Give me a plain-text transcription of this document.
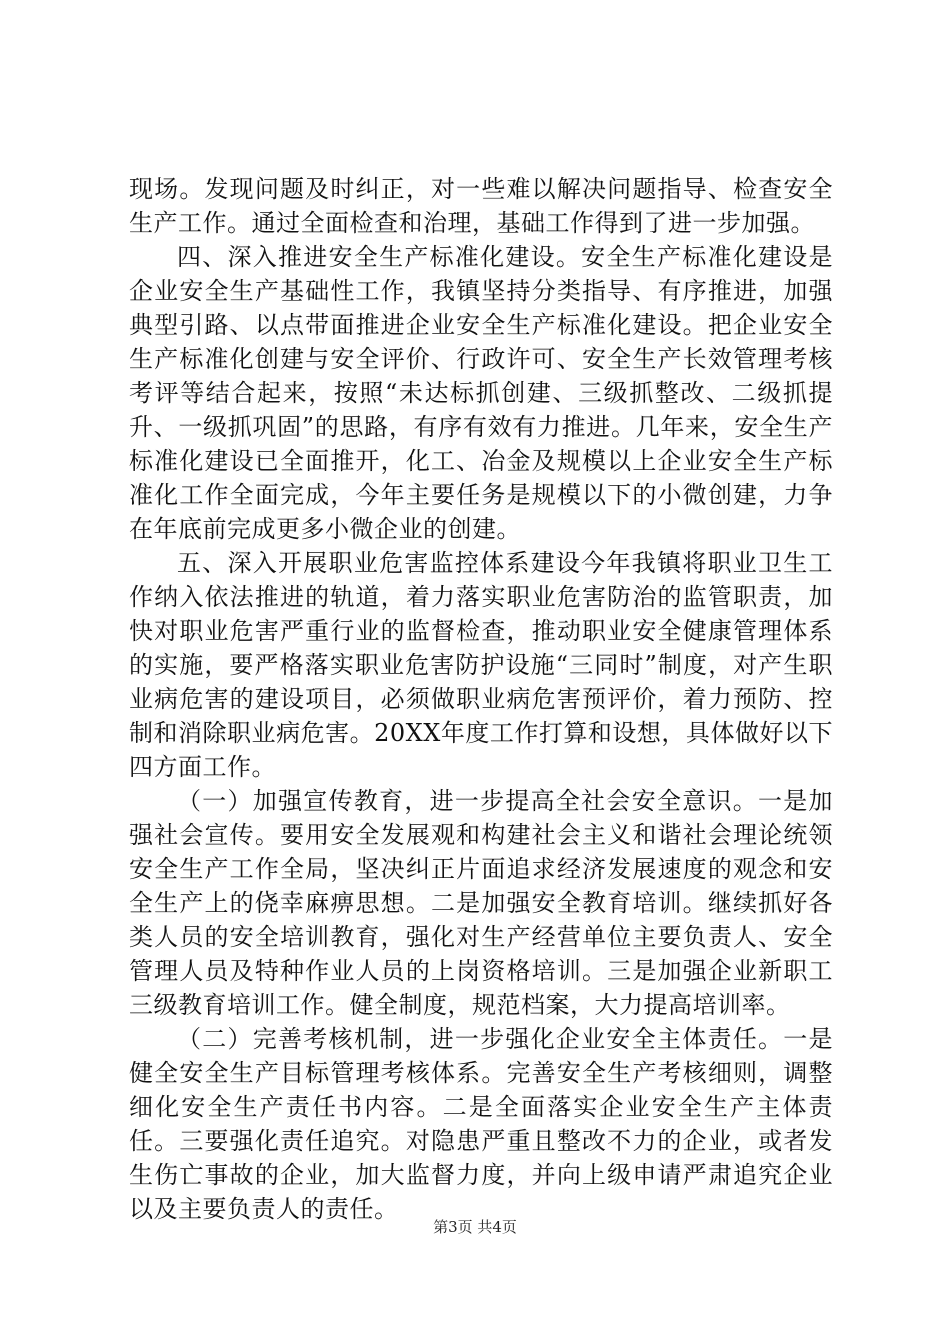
现场。发现问题及时纠正，对一些难以解决问题指导、检查安全生产工作。通过全面检查和治理，基础工作得到了进一步加强。

四、深入推进安全生产标准化建设。安全生产标准化建设是企业安全生产基础性工作，我镇坚持分类指导、有序推进，加强典型引路、以点带面推进企业安全生产标准化建设。把企业安全生产标准化创建与安全评价、行政许可、安全生产长效管理考核考评等结合起来，按照“未达标抓创建、三级抓整改、二级抓提升、一级抓巩固”的思路，有序有效有力推进。几年来，安全生产标准化建设已全面推开，化工、冶金及规模以上企业安全生产标准化工作全面完成，今年主要任务是规模以下的小微创建，力争在年底前完成更多小微企业的创建。

五、深入开展职业危害监控体系建设今年我镇将职业卫生工作纳入依法推进的轨道，着力落实职业危害防治的监管职责，加快对职业危害严重行业的监督检查，推动职业安全健康管理体系的实施，要严格落实职业危害防护设施“三同时”制度，对产生职业病危害的建设项目，必须做职业病危害预评价，着力预防、控制和消除职业病危害。20XX年度工作打算和设想，具体做好以下四方面工作。

（一）加强宣传教育，进一步提高全社会安全意识。一是加强社会宣传。要用安全发展观和构建社会主义和谐社会理论统领安全生产工作全局，坚决纠正片面追求经济发展速度的观念和安全生产上的侥幸麻痹思想。二是加强安全教育培训。继续抓好各类人员的安全培训教育，强化对生产经营单位主要负责人、安全管理人员及特种作业人员的上岗资格培训。三是加强企业新职工三级教育培训工作。健全制度，规范档案，大力提高培训率。

（二）完善考核机制，进一步强化企业安全主体责任。一是健全安全生产目标管理考核体系。完善安全生产考核细则，调整细化安全生产责任书内容。二是全面落实企业安全生产主体责任。三要强化责任追究。对隐患严重且整改不力的企业，或者发生伤亡事故的企业，加大监督力度，并向上级申请严肃追究企业以及主要负责人的责任。

第3页 共4页
